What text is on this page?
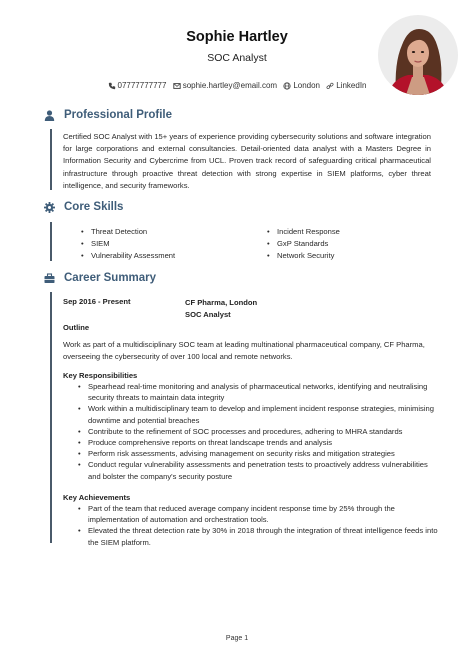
Sophie Hartley
SOC Analyst
07777777777
sophie.hartley@email.com
London
LinkedIn
Professional Profile
Certified SOC Analyst with 15+ years of experience providing cybersecurity solutions and software integration for large corporations and external consultancies. Detail-oriented data analyst with a Masters Degree in Information Security and Cybercrime from UCL. Proven track record of safeguarding critical pharmaceutical infrastructure through proactive threat detection with strong expertise in SIEM platforms, cyber threat intelligence, and security frameworks.
Core Skills
• Threat Detection
• SIEM
• Vulnerability Assessment
• Incident Response
• GxP Standards
• Network Security
Career Summary
Sep 2016 - Present	CF Pharma, London
SOC Analyst
Outline
Work as part of a multidisciplinary SOC team at leading multinational pharmaceutical company, CF Pharma, overseeing the cybersecurity of over 100 local and remote networks.
Key Responsibilities
• Spearhead real-time monitoring and analysis of pharmaceutical networks, identifying and neutralising security threats to maintain data integrity
• Work within a multidisciplinary team to develop and implement incident response strategies, minimising downtime and potential breaches
• Contribute to the refinement of SOC processes and procedures, adhering to MHRA standards
• Produce comprehensive reports on threat landscape trends and analysis
• Perform risk assessments, advising management on security risks and mitigation strategies
• Conduct regular vulnerability assessments and penetration tests to proactively address vulnerabilities and bolster the company's security posture
Key Achievements
• Part of the team that reduced average company incident response time by 25% through the implementation of automation and orchestration tools.
• Elevated the threat detection rate by 30% in 2018 through the integration of threat intelligence feeds into the SIEM platform.
Page 1
